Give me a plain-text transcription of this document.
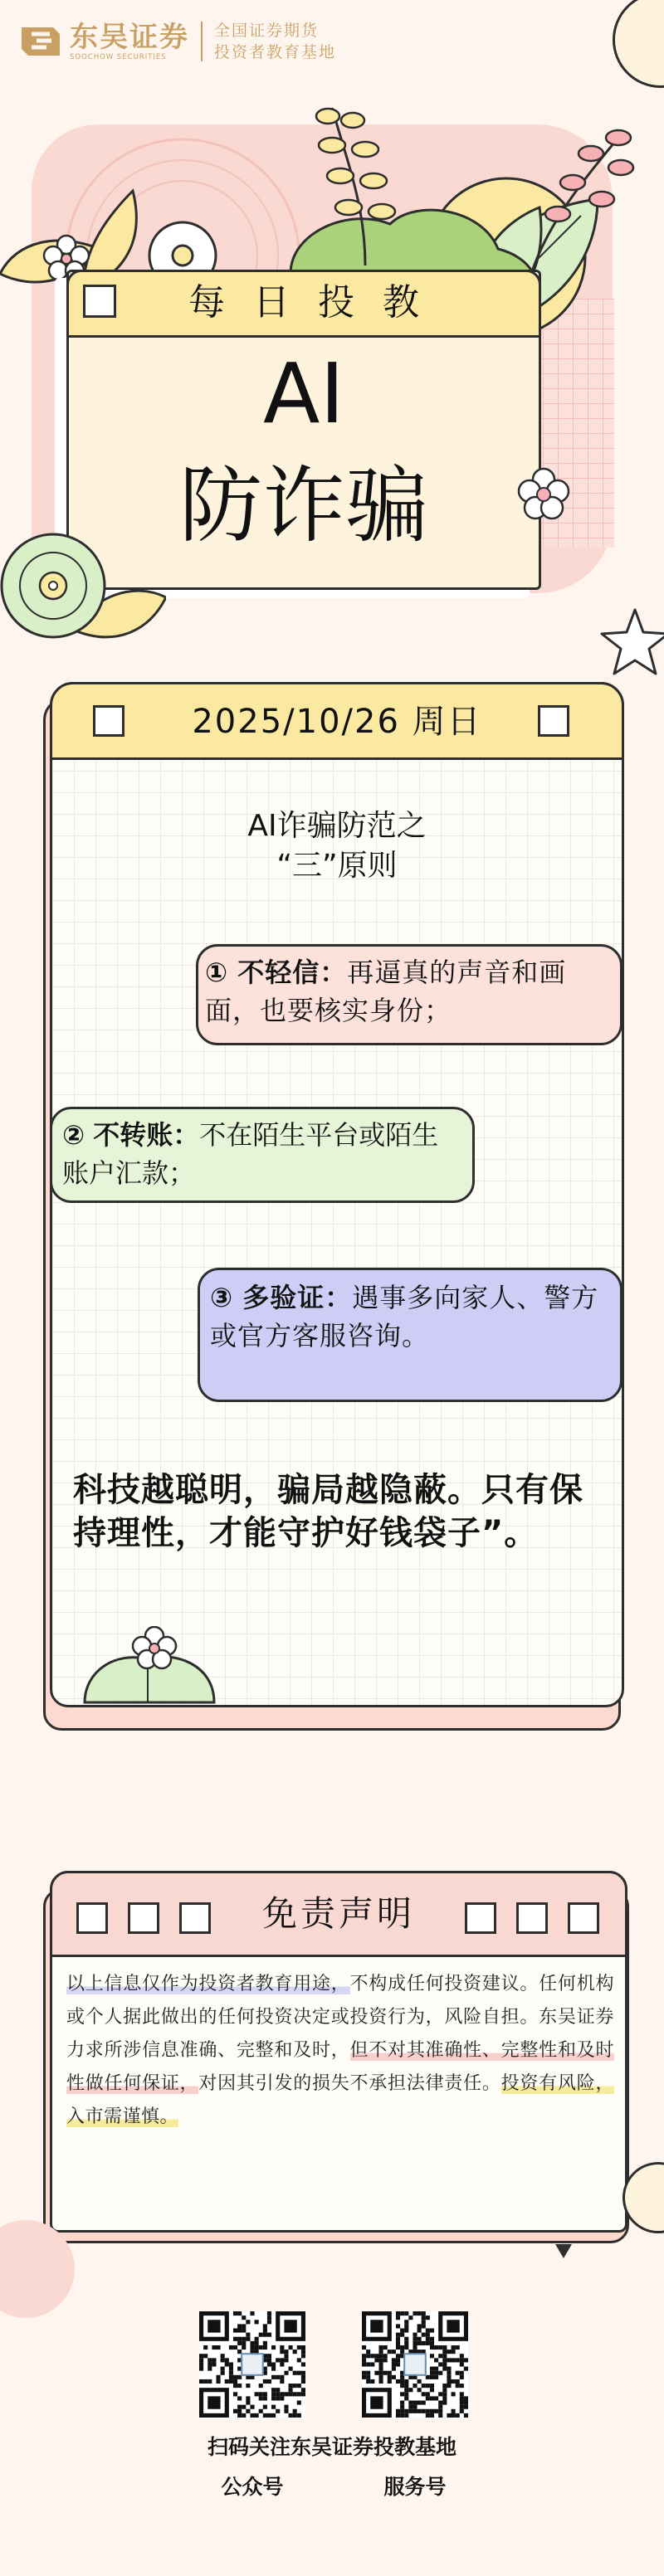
东吴证券
SOOCHOW SECURITIES
全国证券期货
投资者教育基地
每日投教
AI
防诈骗
2025/10/26 周日
AI诈骗防范之
“三”原则
① 不轻信：再逼真的声音和画面，也要核实身份；
② 不转账：不在陌生平台或陌生账户汇款；
③ 多验证：遇事多向家人、警方或官方客服咨询。
科技越聪明，骗局越隐蔽。只有保持理性，才能守护好钱袋子”。
免责声明
以上信息仅作为投资者教育用途，不构成任何投资建议。任何机构或个人据此做出的任何投资决定或投资行为，风险自担。东吴证券力求所涉信息准确、完整和及时，但不对其准确性、完整性和及时性做任何保证，对因其引发的损失不承担法律责任。投资有风险，入市需谨慎。
扫码关注东吴证券投教基地
公众号	服务号
